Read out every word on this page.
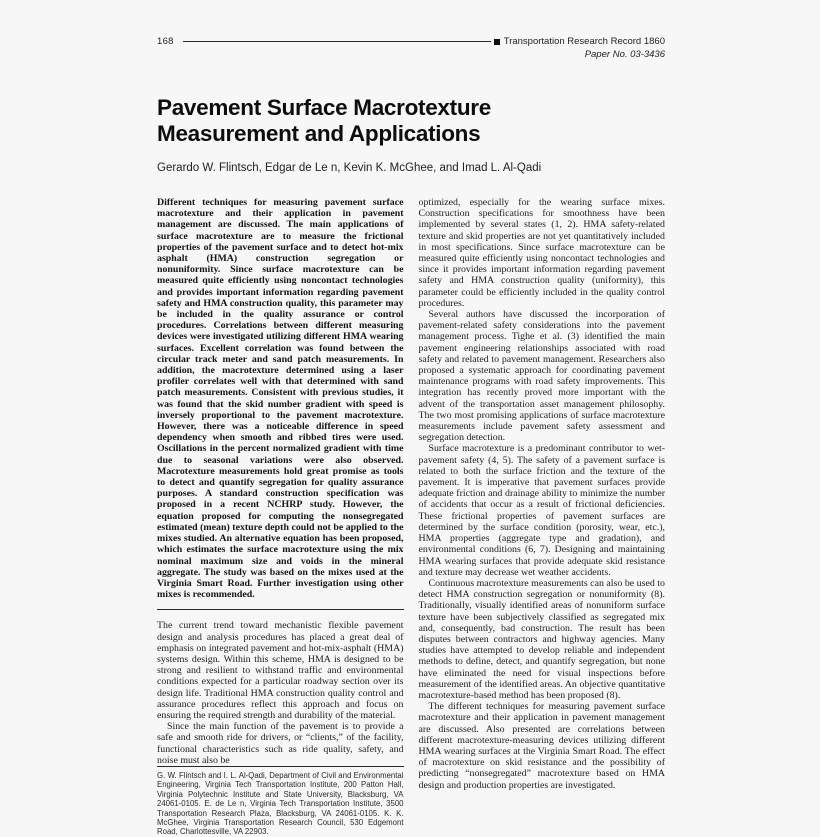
168	Transportation Research Record 1860
Paper No. 03-3436
Pavement Surface Macrotexture
Measurement and Applications
Gerardo W. Flintsch, Edgar de Le n, Kevin K. McGhee, and Imad L. Al-Qadi

Different techniques for measuring pavement surface macrotexture and their application in pavement management are discussed. The main applications of surface macrotexture are to measure the frictional properties of the pavement surface and to detect hot-mix asphalt (HMA) construction segregation or nonuniformity. Since surface macrotexture can be measured quite efficiently using noncontact technologies and provides important information regarding pavement safety and HMA construction quality, this parameter may be included in the quality assurance or control procedures. Correlations between different measuring devices were investigated utilizing different HMA wearing surfaces. Excellent correlation was found between the circular track meter and sand patch measurements. In addition, the macrotexture determined using a laser profiler correlates well with that determined with sand patch measurements. Consistent with previous studies, it was found that the skid number gradient with speed is inversely proportional to the pavement macrotexture. However, there was a noticeable difference in speed dependency when smooth and ribbed tires were used. Oscillations in the percent normalized gradient with time due to seasonal variations were also observed. Macrotexture measurements hold great promise as tools to detect and quantify segregation for quality assurance purposes. A standard construction specification was proposed in a recent NCHRP study. However, the equation proposed for computing the nonsegregated estimated (mean) texture depth could not be applied to the mixes studied. An alternative equation has been proposed, which estimates the surface macrotexture using the mix nominal maximum size and voids in the mineral aggregate. The study was based on the mixes used at the Virginia Smart Road. Further investigation using other mixes is recommended.

The current trend toward mechanistic flexible pavement design and analysis procedures has placed a great deal of emphasis on integrated pavement and hot-mix-asphalt (HMA) systems design. Within this scheme, HMA is designed to be strong and resilient to withstand traffic and environmental conditions expected for a particular roadway section over its design life. Traditional HMA construction quality control and assurance procedures reflect this approach and focus on ensuring the required strength and durability of the material.

Since the main function of the pavement is to provide a safe and smooth ride for drivers, or “clients,” of the facility, functional characteristics such as ride quality, safety, and noise must also be

G. W. Flintsch and I. L. Al-Qadi, Department of Civil and Environmental Engineering, Virginia Tech Transportation Institute, 200 Patton Hall, Virginia Polytechnic Institute and State University, Blacksburg, VA 24061-0105. E. de Le n, Virginia Tech Transportation Institute, 3500 Transportation Research Plaza, Blacksburg, VA 24061-0105. K. K. McGhee, Virginia Transportation Research Council, 530 Edgemont Road, Charlottesville, VA 22903.

optimized, especially for the wearing surface mixes. Construction specifications for smoothness have been implemented by several states (1, 2). HMA safety-related texture and skid properties are not yet quantitatively included in most specifications. Since surface macrotexture can be measured quite efficiently using noncontact technologies and since it provides important information regarding pavement safety and HMA construction quality (uniformity), this parameter could be efficiently included in the quality control procedures.

Several authors have discussed the incorporation of pavement-related safety considerations into the pavement management process. Tighe et al. (3) identified the main pavement engineering relationships associated with road safety and related to pavement management. Researchers also proposed a systematic approach for coordinating pavement maintenance programs with road safety improvements. This integration has recently proved more important with the advent of the transportation asset management philosophy. The two most promising applications of surface macrotexture measurements include pavement safety assessment and segregation detection.

Surface macrotexture is a predominant contributor to wet-pavement safety (4, 5). The safety of a pavement surface is related to both the surface friction and the texture of the pavement. It is imperative that pavement surfaces provide adequate friction and drainage ability to minimize the number of accidents that occur as a result of frictional deficiencies. These frictional properties of pavement surfaces are determined by the surface condition (porosity, wear, etc.), HMA properties (aggregate type and gradation), and environmental conditions (6, 7). Designing and maintaining HMA wearing surfaces that provide adequate skid resistance and texture may decrease wet weather accidents.

Continuous macrotexture measurements can also be used to detect HMA construction segregation or nonuniformity (8). Traditionally, visually identified areas of nonuniform surface texture have been subjectively classified as segregated mix and, consequently, bad construction. The result has been disputes between contractors and highway agencies. Many studies have attempted to develop reliable and independent methods to define, detect, and quantify segregation, but none have eliminated the need for visual inspections before measurement of the identified areas. An objective quantitative macrotexture-based method has been proposed (8).

The different techniques for measuring pavement surface macrotexture and their application in pavement management are discussed. Also presented are correlations between different macrotexture-measuring devices utilizing different HMA wearing surfaces at the Virginia Smart Road. The effect of macrotexture on skid resistance and the possibility of predicting “nonsegregated” macrotexture based on HMA design and production properties are investigated.
